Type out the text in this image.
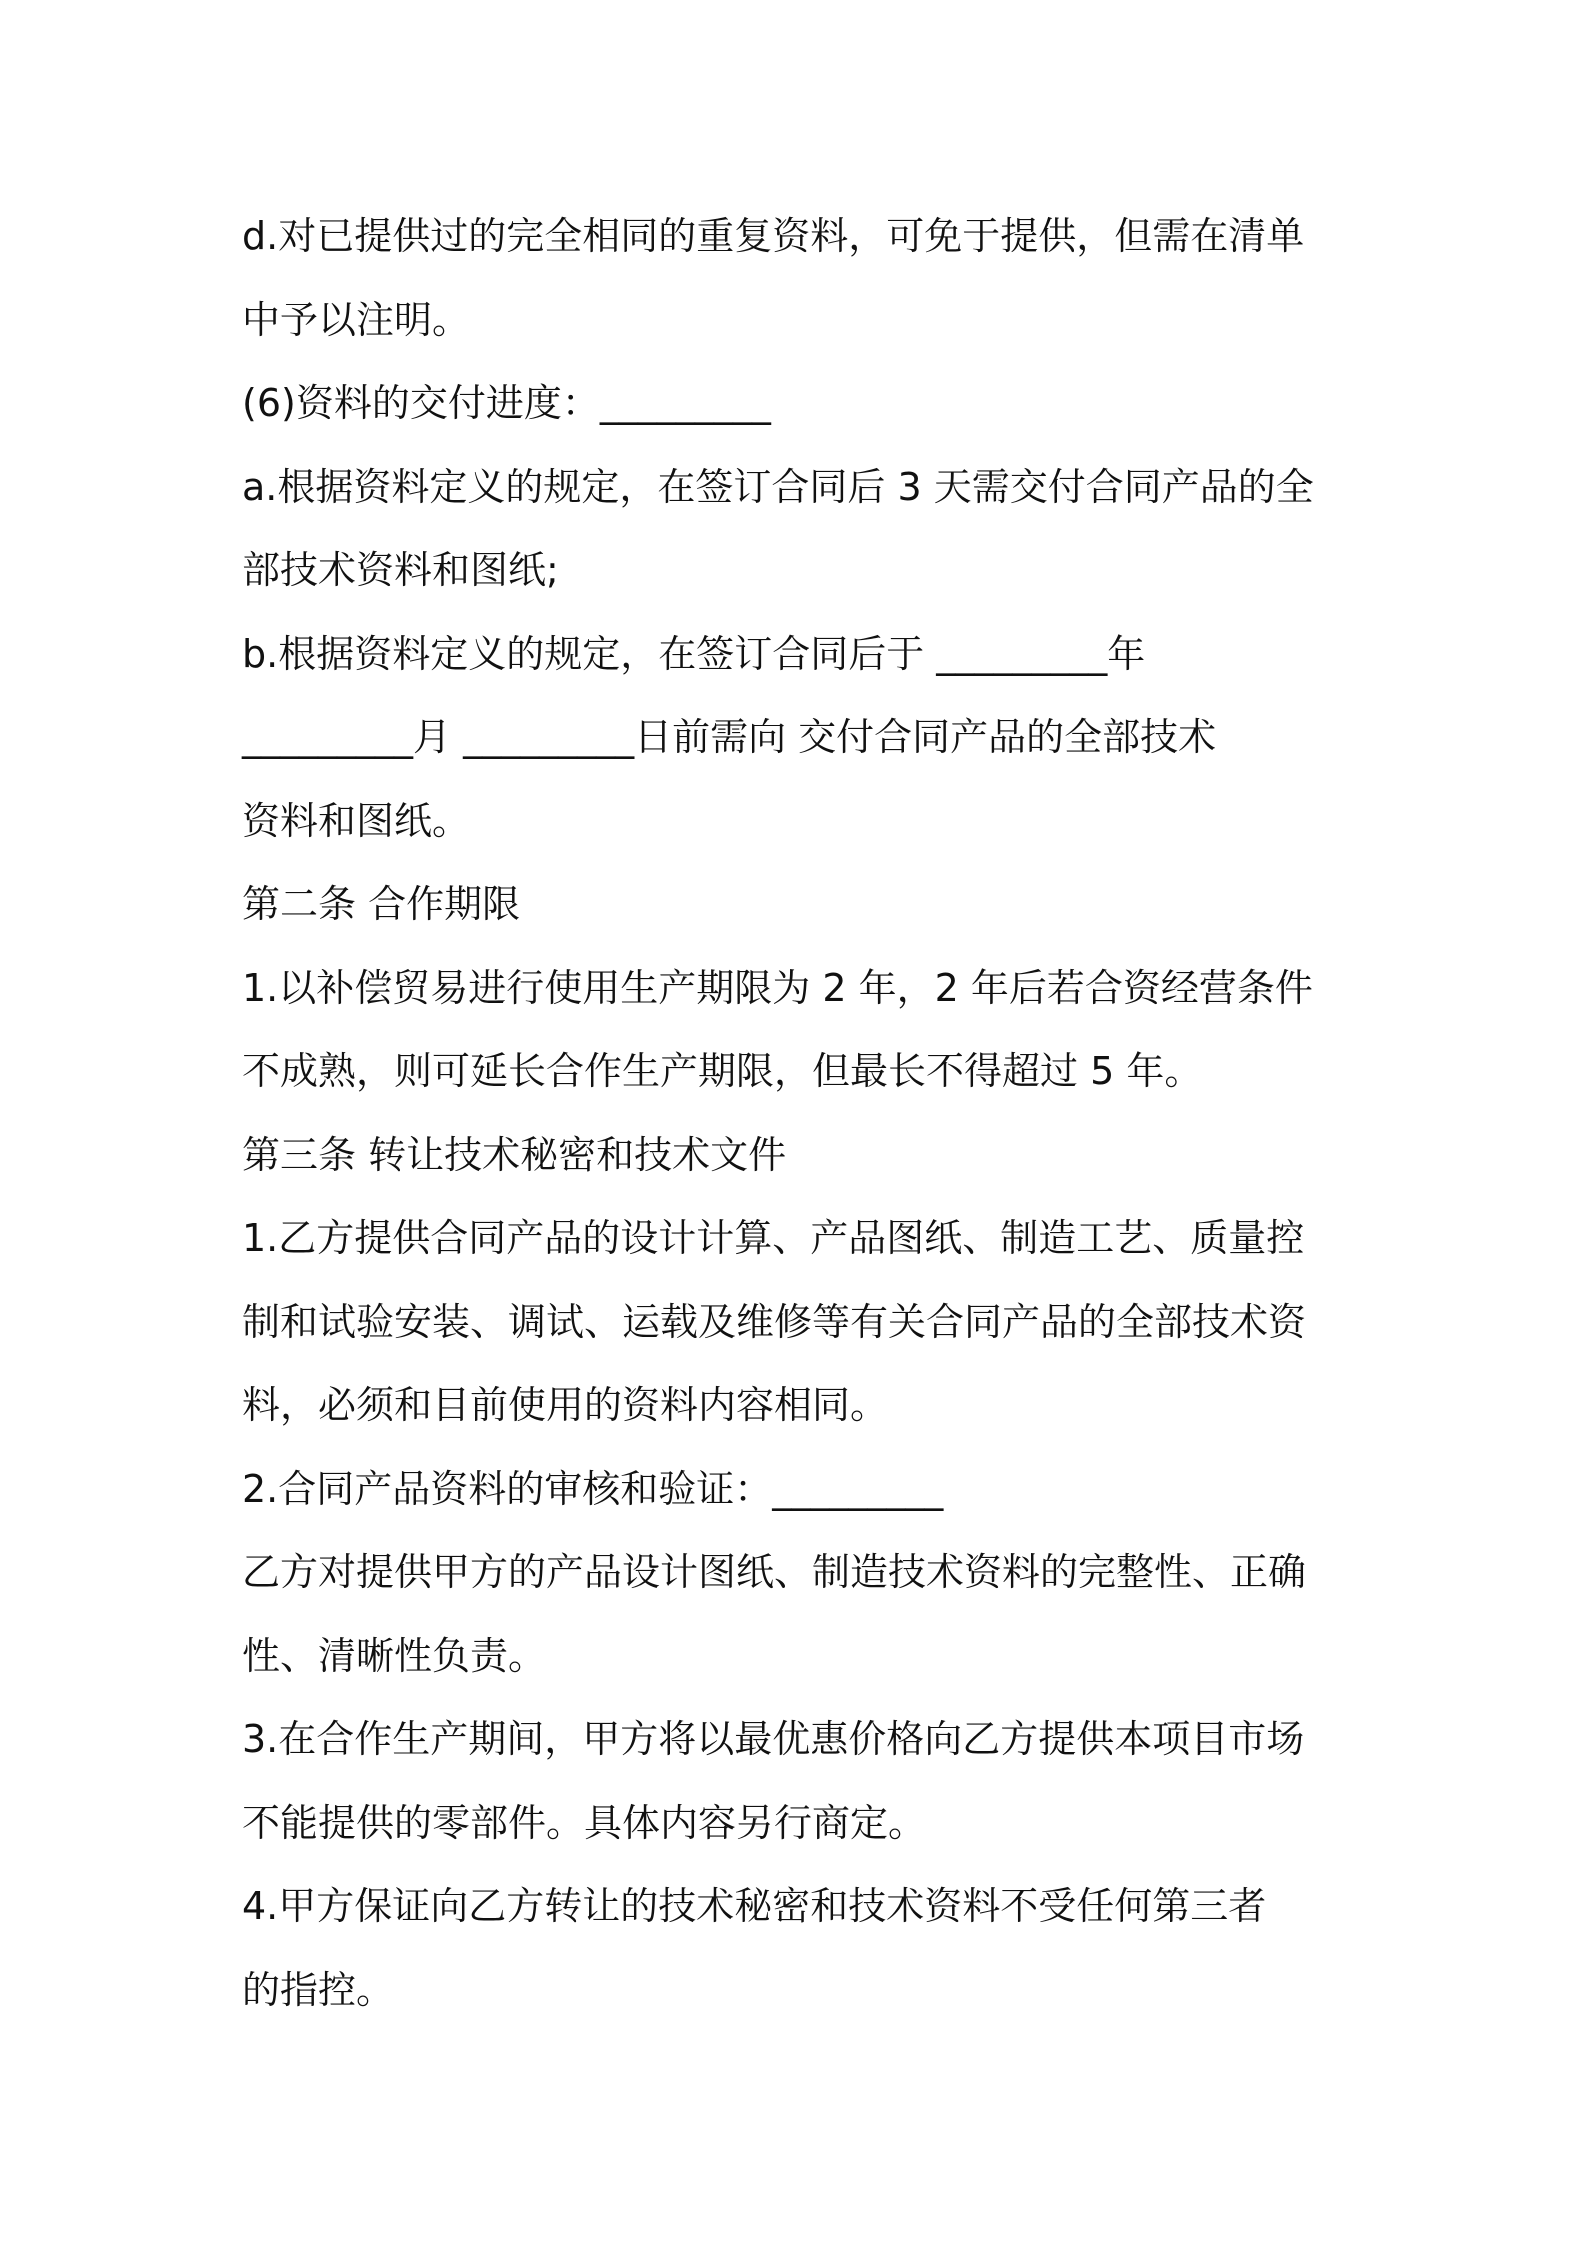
d.对已提供过的完全相同的重复资料，可免于提供，但需在清单
中予以注明。
(6)资料的交付进度：_________
a.根据资料定义的规定，在签订合同后 3 天需交付合同产品的全
部技术资料和图纸;
b.根据资料定义的规定，在签订合同后于 _________年
_________月 _________日前需向 交付合同产品的全部技术
资料和图纸。
第二条 合作期限
1.以补偿贸易进行使用生产期限为 2 年，2 年后若合资经营条件
不成熟，则可延长合作生产期限，但最长不得超过 5 年。
第三条 转让技术秘密和技术文件
1.乙方提供合同产品的设计计算、产品图纸、制造工艺、质量控
制和试验安装、调试、运载及维修等有关合同产品的全部技术资
料，必须和目前使用的资料内容相同。
2.合同产品资料的审核和验证：_________
乙方对提供甲方的产品设计图纸、制造技术资料的完整性、正确
性、清晰性负责。
3.在合作生产期间，甲方将以最优惠价格向乙方提供本项目市场
不能提供的零部件。具体内容另行商定。
4.甲方保证向乙方转让的技术秘密和技术资料不受任何第三者
的指控。
